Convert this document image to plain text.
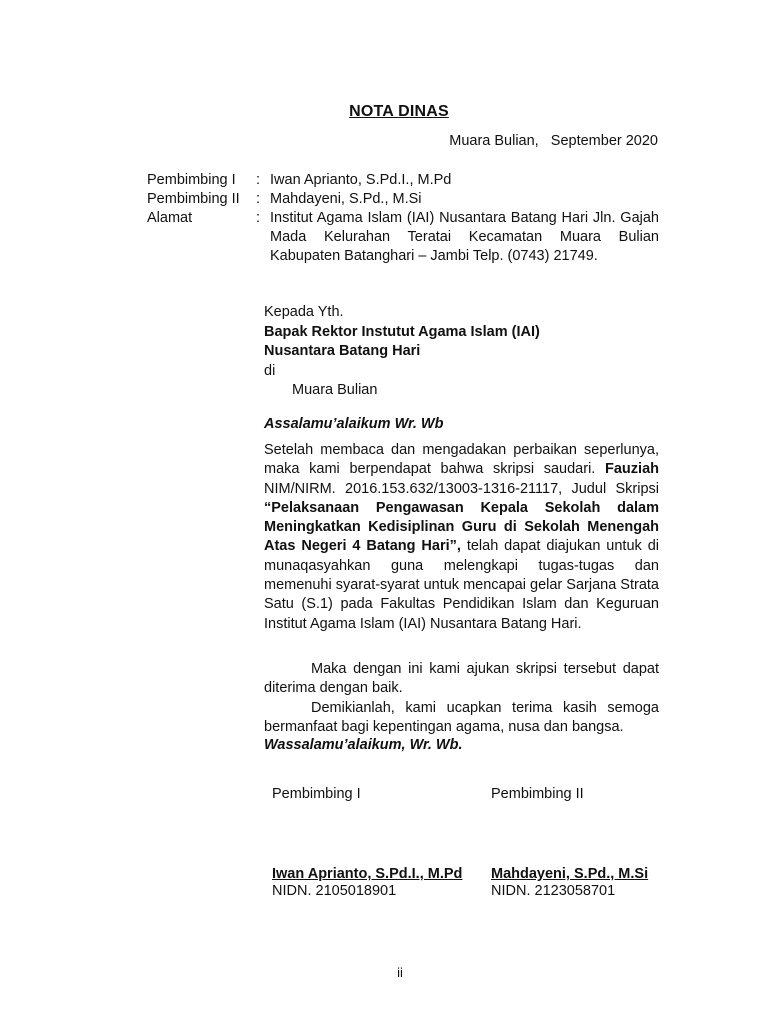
NOTA DINAS
Muara Bulian,   September 2020
Pembimbing I	: Iwan Aprianto, S.Pd.I., M.Pd
Pembimbing II	: Mahdayeni, S.Pd., M.Si
Alamat	: Institut Agama Islam (IAI) Nusantara Batang Hari Jln. Gajah Mada Kelurahan Teratai Kecamatan Muara Bulian Kabupaten Batanghari – Jambi Telp. (0743) 21749.
Kepada Yth.
Bapak Rektor Instutut Agama Islam (IAI)
Nusantara Batang Hari
di
Muara Bulian
Assalamu’alaikum Wr. Wb
Setelah membaca dan mengadakan perbaikan seperlunya, maka kami berpendapat bahwa skripsi saudari. Fauziah NIM/NIRM. 2016.153.632/13003-1316-21117, Judul Skripsi “Pelaksanaan Pengawasan Kepala Sekolah dalam Meningkatkan Kedisiplinan Guru di Sekolah Menengah Atas Negeri 4 Batang Hari”, telah dapat diajukan untuk di munaqasyahkan guna melengkapi tugas-tugas dan memenuhi syarat-syarat untuk mencapai gelar Sarjana Strata Satu (S.1) pada Fakultas Pendidikan Islam dan Keguruan Institut Agama Islam (IAI) Nusantara Batang Hari.
Maka dengan ini kami ajukan skripsi tersebut dapat diterima dengan baik.
Demikianlah, kami ucapkan terima kasih semoga bermanfaat bagi kepentingan agama, nusa dan bangsa.
Wassalamu’alaikum, Wr. Wb.
Pembimbing I
Iwan Aprianto, S.Pd.I., M.Pd
NIDN. 2105018901
Pembimbing II
Mahdayeni, S.Pd., M.Si
NIDN. 2123058701
ii
